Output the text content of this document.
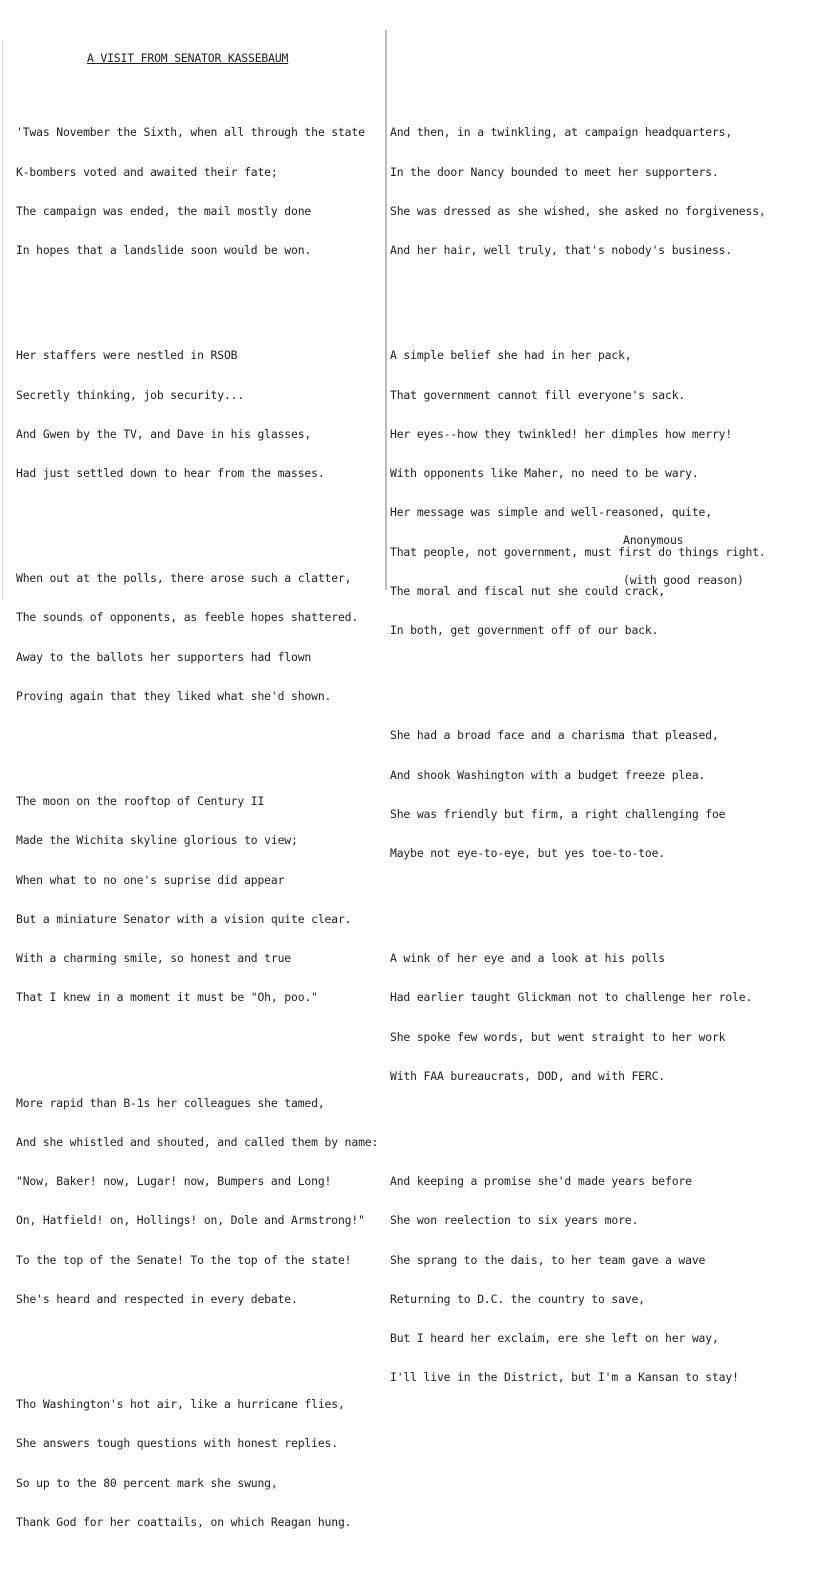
A VISIT FROM SENATOR KASSEBAUM

'Twas November the Sixth, when all through the state

K-bombers voted and awaited their fate;

The campaign was ended, the mail mostly done

In hopes that a landslide soon would be won.

Her staffers were nestled in RSOB

Secretly thinking, job security...

And Gwen by the TV, and Dave in his glasses,

Had just settled down to hear from the masses.

When out at the polls, there arose such a clatter,

The sounds of opponents, as feeble hopes shattered.

Away to the ballots her supporters had flown

Proving again that they liked what she'd shown.

The moon on the rooftop of Century II

Made the Wichita skyline glorious to view;

When what to no one's suprise did appear

But a miniature Senator with a vision quite clear.

With a charming smile, so honest and true

That I knew in a moment it must be "Oh, poo."

More rapid than B-1s her colleagues she tamed,

And she whistled and shouted, and called them by name:

"Now, Baker! now, Lugar! now, Bumpers and Long!

On, Hatfield! on, Hollings! on, Dole and Armstrong!"

To the top of the Senate! To the top of the state!

She's heard and respected in every debate.

Tho Washington's hot air, like a hurricane flies,

She answers tough questions with honest replies.

So up to the 80 percent mark she swung,

Thank God for her coattails, on which Reagan hung.

And then, in a twinkling, at campaign headquarters,

In the door Nancy bounded to meet her supporters.

She was dressed as she wished, she asked no forgiveness,

And her hair, well truly, that's nobody's business.

A simple belief she had in her pack,

That government cannot fill everyone's sack.

Her eyes--how they twinkled! her dimples how merry!

With opponents like Maher, no need to be wary.

Her message was simple and well-reasoned, quite,

That people, not government, must first do things right.

The moral and fiscal nut she could crack,

In both, get government off of our back.

She had a broad face and a charisma that pleased,

And shook Washington with a budget freeze plea.

She was friendly but firm, a right challenging foe

Maybe not eye-to-eye, but yes toe-to-toe.

A wink of her eye and a look at his polls

Had earlier taught Glickman not to challenge her role.

She spoke few words, but went straight to her work

With FAA bureaucrats, DOD, and with FERC.

And keeping a promise she'd made years before

She won reelection to six years more.

She sprang to the dais, to her team gave a wave

Returning to D.C. the country to save,

But I heard her exclaim, ere she left on her way,

I'll live in the District, but I'm a Kansan to stay!

Anonymous

(with good reason)
